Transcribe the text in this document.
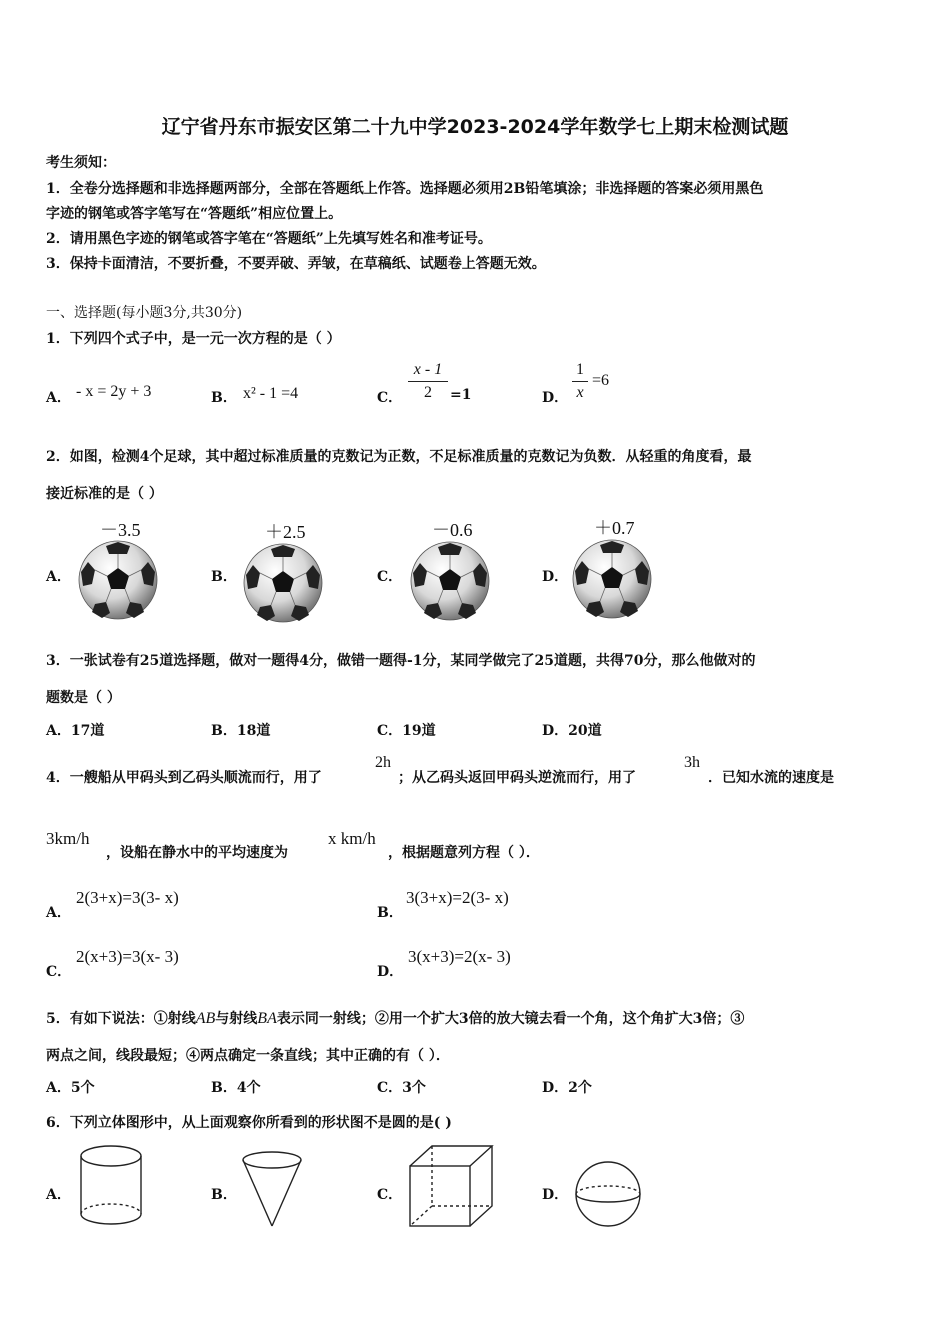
辽宁省丹东市振安区第二十九中学2023-2024学年数学七上期末检测试题
考生须知：
1．全卷分选择题和非选择题两部分，全部在答题纸上作答。选择题必须用2B铅笔填涂；非选择题的答案必须用黑色
字迹的钢笔或答字笔写在“答题纸”相应位置上。
2．请用黑色字迹的钢笔或答字笔在“答题纸”上先填写姓名和准考证号。
3．保持卡面清洁，不要折叠，不要弄破、弄皱，在草稿纸、试题卷上答题无效。
一、选择题(每小题3分,共30分)
1．下列四个式子中，是一元一次方程的是（ ）
A． - x = 2y + 3	B． x² - 1 =4	C．
x - 1
2	=1	D．
1
x
=6
2．如图，检测4个足球，其中超过标准质量的克数记为正数，不足标准质量的克数记为负数．从轻重的角度看，最
接近标准的是（ ）
A．
－3.5
B．
＋2.5
C．
－0.6
D．
＋0.7
3．一张试卷有25道选择题，做对一题得4分，做错一题得-1分，某同学做完了25道题，共得70分，那么他做对的
题数是（ ）
A．17道	B．18道	C．19道	D．20道
4．一艘船从甲码头到乙码头顺流而行，用了
2h
；从乙码头返回甲码头逆流而行，用了
3h
．已知水流的速度是
3km/h
，设船在静水中的平均速度为
x km/h
，根据题意列方程（ ）．
A．
2(3+x)=3(3- x)
B．
3(3+x)=2(3- x)
C．
2(x+3)=3(x- 3)
D．
3(x+3)=2(x- 3)
5．有如下说法：①射线AB与射线BA表示同一射线；②用一个扩大3倍的放大镜去看一个角，这个角扩大3倍；③
两点之间，线段最短；④两点确定一条直线；其中正确的有（ ）．
A．5个	B．4个	C．3个	D．2个
6．下列立体图形中，从上面观察你所看到的形状图不是圆的是( )
A．	B．	C．	D．
